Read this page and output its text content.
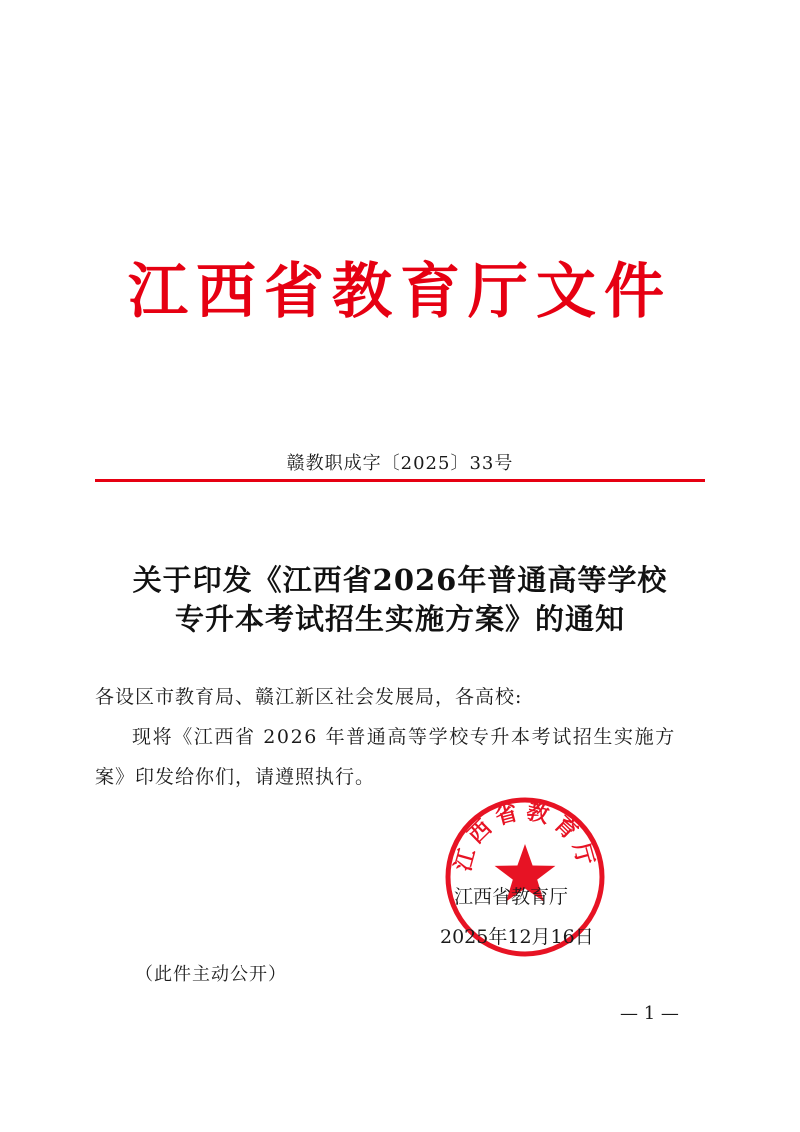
江西省教育厅文件
赣教职成字〔2025〕33号
关于印发《江西省2026年普通高等学校
专升本考试招生实施方案》的通知
各设区市教育局、赣江新区社会发展局，各高校:
现将《江西省 2026 年普通高等学校专升本考试招生实施方
案》印发给你们，请遵照执行。
江西省教育厅
江西省教育厅
2025年12月16日
（此件主动公开）
— 1 —
